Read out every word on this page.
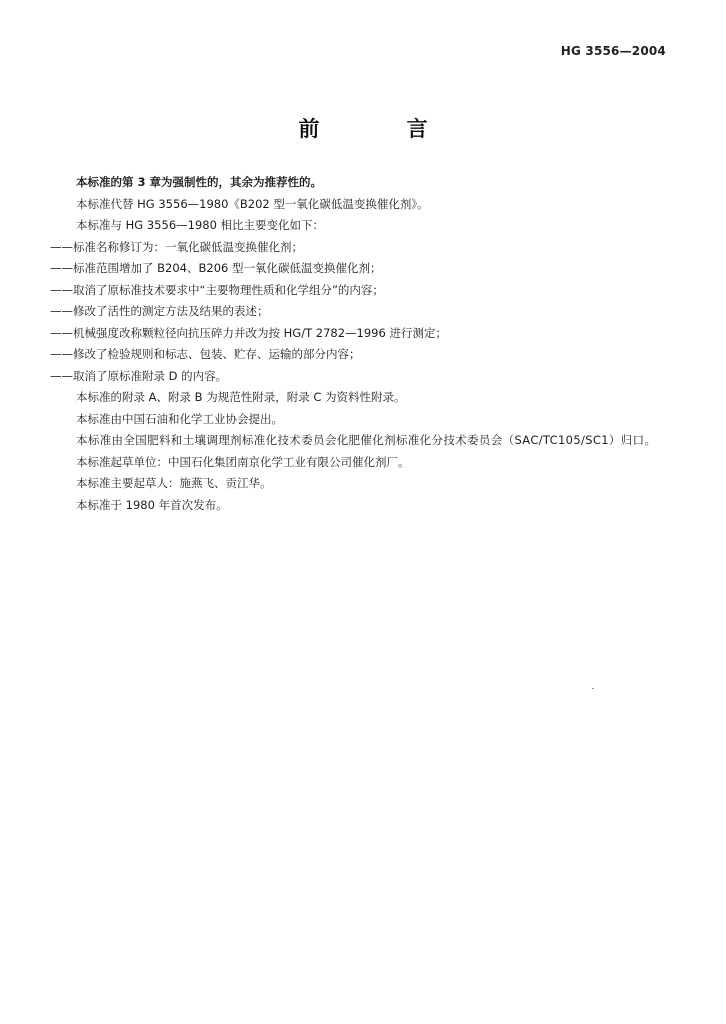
HG 3556—2004
前 言
本标准的第 3 章为强制性的，其余为推荐性的。
本标准代替 HG 3556—1980《B202 型一氧化碳低温变换催化剂》。
本标准与 HG 3556—1980 相比主要变化如下：
——标准名称修订为：一氧化碳低温变换催化剂；
——标准范围增加了 B204、B206 型一氧化碳低温变换催化剂；
——取消了原标准技术要求中“主要物理性质和化学组分”的内容；
——修改了活性的测定方法及结果的表述；
——机械强度改称颗粒径向抗压碎力并改为按 HG/T 2782—1996 进行测定；
——修改了检验规则和标志、包装、贮存、运输的部分内容；
——取消了原标准附录 D 的内容。
本标准的附录 A、附录 B 为规范性附录，附录 C 为资料性附录。
本标准由中国石油和化学工业协会提出。
本标准由全国肥料和土壤调理剂标准化技术委员会化肥催化剂标准化分技术委员会（SAC/TC105/SC1）归口。
本标准起草单位：中国石化集团南京化学工业有限公司催化剂厂。
本标准主要起草人：施燕飞、贡江华。
本标准于 1980 年首次发布。
